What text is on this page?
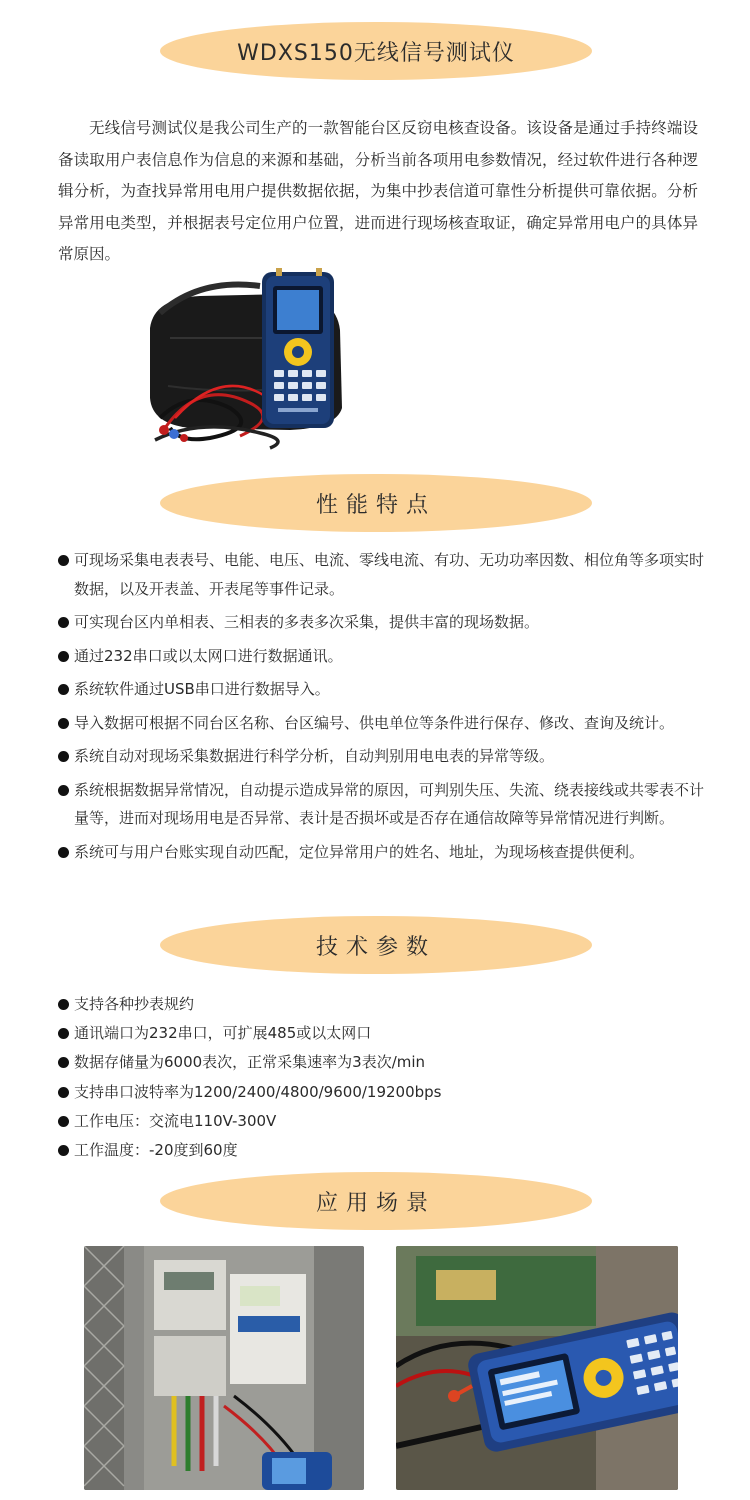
WDXS150无线信号测试仪

无线信号测试仪是我公司生产的一款智能台区反窃电核查设备。该设备是通过手持终端设备读取用户表信息作为信息的来源和基础，分析当前各项用电参数情况，经过软件进行各种逻辑分析，为查找异常用电用户提供数据依据，为集中抄表信道可靠性分析提供可靠依据。分析异常用电类型，并根据表号定位用户位置，进而进行现场核查取证，确定异常用电户的具体异常原因。

性能特点
可现场采集电表表号、电能、电压、电流、零线电流、有功、无功功率因数、相位角等多项实时数据，以及开表盖、开表尾等事件记录。
可实现台区内单相表、三相表的多表多次采集，提供丰富的现场数据。
通过232串口或以太网口进行数据通讯。
系统软件通过USB串口进行数据导入。
导入数据可根据不同台区名称、台区编号、供电单位等条件进行保存、修改、查询及统计。
系统自动对现场采集数据进行科学分析，自动判别用电电表的异常等级。
系统根据数据异常情况，自动提示造成异常的原因，可判别失压、失流、绕表接线或共零表不计量等，进而对现场用电是否异常、表计是否损坏或是否存在通信故障等异常情况进行判断。
系统可与用户台账实现自动匹配，定位异常用户的姓名、地址，为现场核查提供便利。
技术参数
支持各种抄表规约
通讯端口为232串口，可扩展485或以太网口
数据存储量为6000表次，正常采集速率为3表次/min
支持串口波特率为1200/2400/4800/9600/19200bps
工作电压：交流电110V-300V
工作温度：-20度到60度
应用场景
